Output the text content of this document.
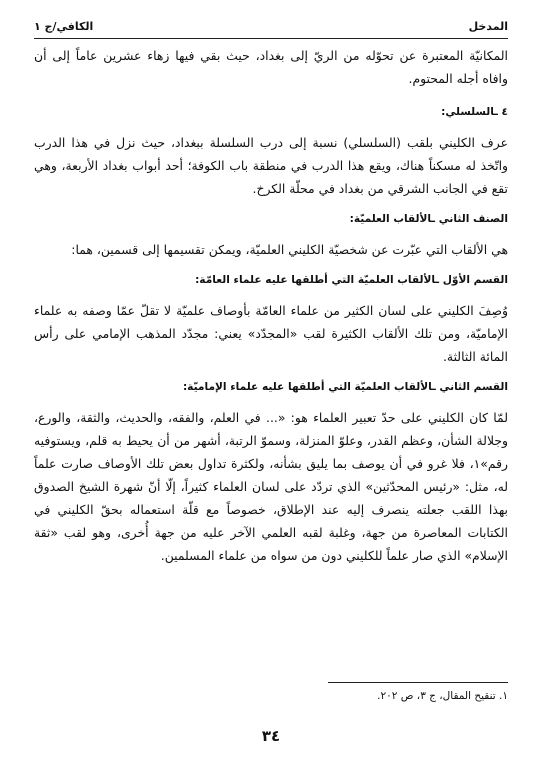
المدخل
الكافي/ج ١

المكانيّة المعتبرة عن تحوّله من الريّ إلى بغداد، حيث بقي فيها زهاء عشرين عاماً إلى أن وافاه أجله المحتوم.

٤ ـالسلسلي:

عرف الكليني بلقب (السلسلي) نسبة إلى درب السلسلة ببغداد، حيث نزل في هذا الدرب واتّخذ له مسكناً هناك، ويقع هذا الدرب في منطقة باب الكوفة؛ أحد أبواب بغداد الأربعة، وهي تقع في الجانب الشرقي من بغداد في محلّة الكرخ.

الصنف الثاني ـالألقاب العلميّة:

هي الألقاب التي عبّرت عن شخصيّة الكليني العلميّة، ويمكن تقسيمها إلى قسمين، هما:

القسم الأوّل ـالألقاب العلميّة التي أطلقها عليه علماء العامّة:

وُصِفَ الكليني على لسان الكثير من علماء العامّة بأوصاف علميّة لا تقلّ عمّا وصفه به علماء الإماميّة، ومن تلك الألقاب الكثيرة لقب «المجدّد» يعني: مجدّد المذهب الإمامي على رأس المائة الثالثة.

القسم الثاني ـالألقاب العلميّة التي أطلقها عليه علماء الإماميّة:

لمّا كان الكليني على حدّ تعبير العلماء هو: «... في العلم، والفقه، والحديث، والثقة، والورع، وجلالة الشأن، وعظم القدر، وعلوّ المنزلة، وسموّ الرتبة، أشهر من أن يحيط به قلم، ويستوفيه رقم»١، فلا غرو في أن يوصف بما يليق بشأنه، ولكثرة تداول بعض تلك الأوصاف صارت علماً له، مثل: «رئيس المحدّثين» الذي تردّد على لسان العلماء كثيراً، إلّا أنّ شهرة الشيخ الصدوق بهذا اللقب جعلته ينصرف إليه عند الإطلاق، خصوصاً مع قلّة استعماله بحقّ الكليني في الكتابات المعاصرة من جهة، وغلبة لقبه العلمي الآخر عليه من جهة أُخرى، وهو لقب «ثقة الإسلام» الذي صار علماً للكليني دون من سواه من علماء المسلمين.

١. تنقيح المقال، ج ٣، ص ٢٠٢.
٣٤
